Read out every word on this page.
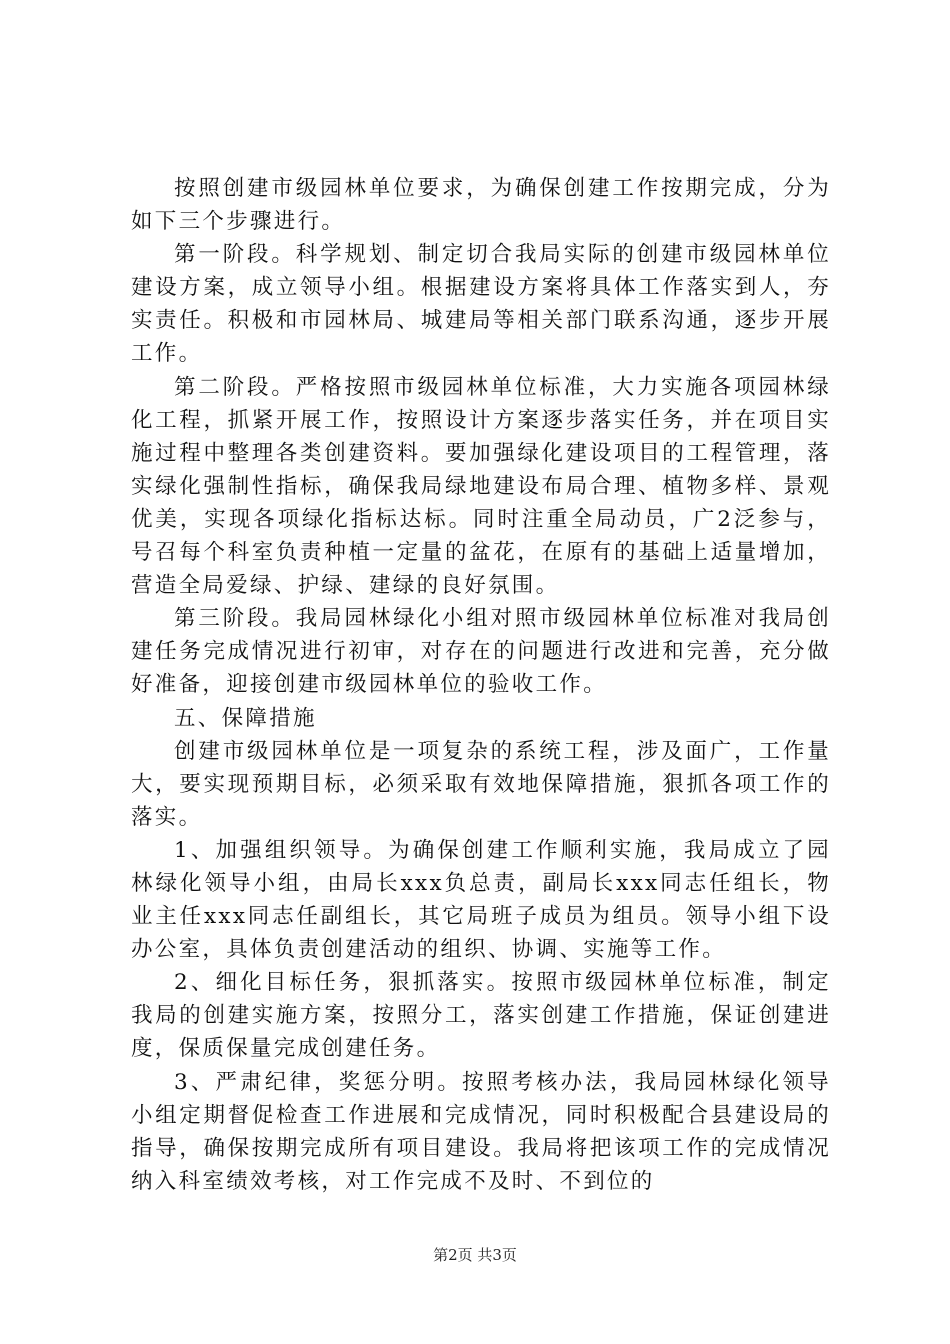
按照创建市级园林单位要求，为确保创建工作按期完成，分为如下三个步骤进行。

第一阶段。科学规划、制定切合我局实际的创建市级园林单位建设方案，成立领导小组。根据建设方案将具体工作落实到人，夯实责任。积极和市园林局、城建局等相关部门联系沟通，逐步开展工作。

第二阶段。严格按照市级园林单位标准，大力实施各项园林绿化工程，抓紧开展工作，按照设计方案逐步落实任务，并在项目实施过程中整理各类创建资料。要加强绿化建设项目的工程管理，落实绿化强制性指标，确保我局绿地建设布局合理、植物多样、景观优美，实现各项绿化指标达标。同时注重全局动员，广2泛参与，号召每个科室负责种植一定量的盆花，在原有的基础上适量增加，营造全局爱绿、护绿、建绿的良好氛围。

第三阶段。我局园林绿化小组对照市级园林单位标准对我局创建任务完成情况进行初审，对存在的问题进行改进和完善，充分做好准备，迎接创建市级园林单位的验收工作。

五、保障措施

创建市级园林单位是一项复杂的系统工程，涉及面广，工作量大，要实现预期目标，必须采取有效地保障措施，狠抓各项工作的落实。

1、加强组织领导。为确保创建工作顺利实施，我局成立了园林绿化领导小组，由局长xxx负总责，副局长xxx同志任组长，物业主任xxx同志任副组长，其它局班子成员为组员。领导小组下设办公室，具体负责创建活动的组织、协调、实施等工作。

2、细化目标任务，狠抓落实。按照市级园林单位标准，制定我局的创建实施方案，按照分工，落实创建工作措施，保证创建进度，保质保量完成创建任务。

3、严肃纪律，奖惩分明。按照考核办法，我局园林绿化领导小组定期督促检查工作进展和完成情况，同时积极配合县建设局的指导，确保按期完成所有项目建设。我局将把该项工作的完成情况纳入科室绩效考核，对工作完成不及时、不到位的

第2页 共3页
